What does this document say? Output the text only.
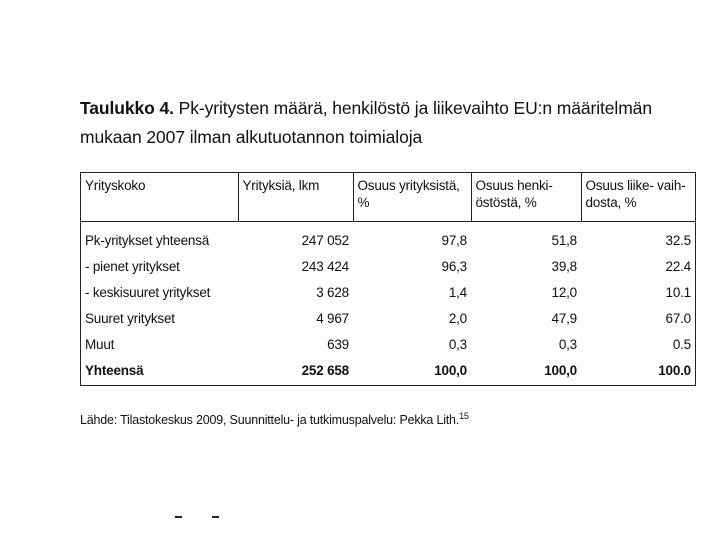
Taulukko 4. Pk-yritysten määrä, henkilöstö ja liikevaihto EU:n määritelmän mukaan 2007 ilman alkutuotannon toimialoja
Yrityskoko	Yrityksiä, lkm	Osuus yrityksistä, %	Osuus henki-östöstä, %	Osuus liike- vaih-dosta, %
Pk-yritykset yhteensä	247 052	97,8	51,8	32.5
- pienet yritykset	243 424	96,3	39,8	22.4
- keskisuuret yritykset	3 628	1,4	12,0	10.1
Suuret yritykset	4 967	2,0	47,9	67.0
Muut	639	0,3	0,3	0.5
Yhteensä	252 658	100,0	100,0	100.0
Lähde: Tilastokeskus 2009, Suunnittelu- ja tutkimuspalvelu: Pekka Lith.$^{15}$
